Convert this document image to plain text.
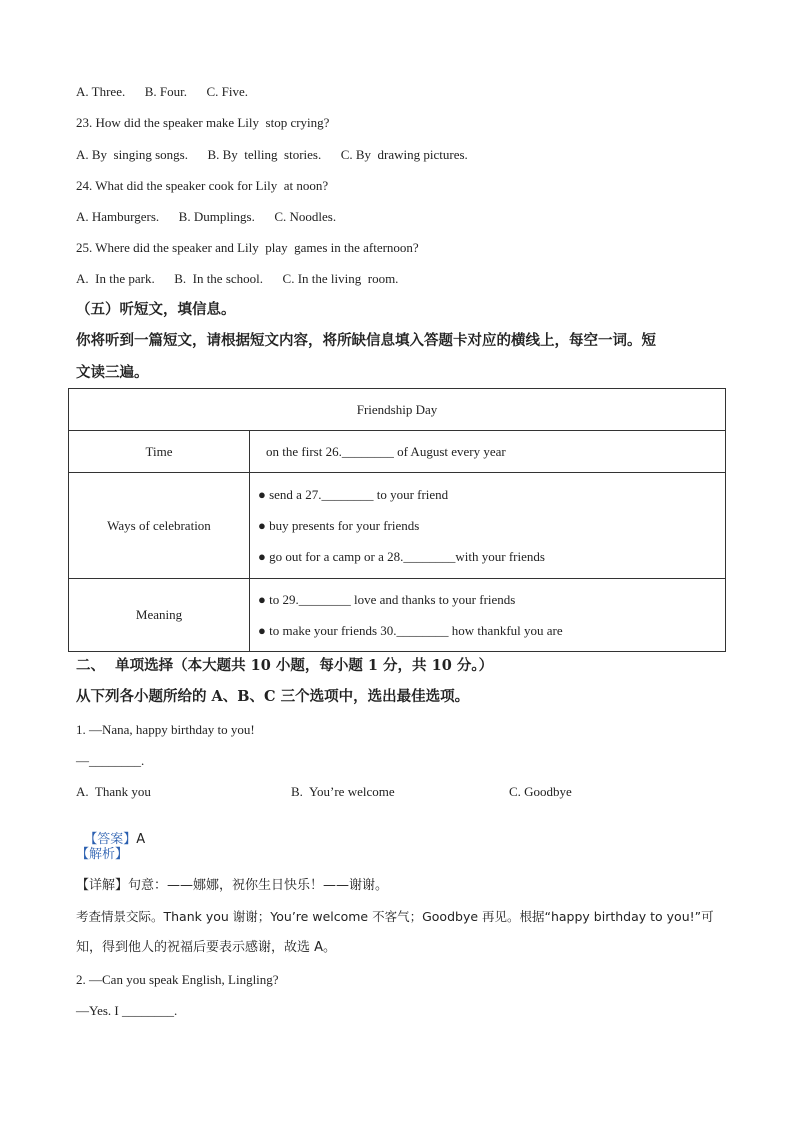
A. Three.      B. Four.      C. Five.
23. How did the speaker make Lily  stop crying?
A. By  singing songs.      B. By  telling  stories.      C. By  drawing pictures.
24. What did the speaker cook for Lily  at noon?
A. Hamburgers.      B. Dumplings.      C. Noodles.
25. Where did the speaker and Lily  play  games in the afternoon?
A.  In the park.      B.  In the school.      C. In the living  room.
（五）听短文，填信息。
你将听到一篇短文，请根据短文内容，将所缺信息填入答题卡对应的横线上，每空一词。短
文读三遍。
Friendship Day	
Time	on the first 26.________ of August every year

Ways of celebration	● send a 27.________ to your friend
● buy presents for your friends
● go out for a camp or a 28.________with your friends

Meaning	● to 29.________ love and thanks to your friends
● to make your friends 30.________ how thankful you are
二、  单项选择（本大题共 10 小题，每小题 1 分，共 10 分。）
从下列各小题所给的 A、B、C 三个选项中，选出最佳选项。
1. —Nana, happy birthday to you!
—________.
A.  Thank you	B.  You’re welcome	C. Goodbye

【答案】A

【解析】
【详解】句意：——娜娜，祝你生日快乐！——谢谢。
考查情景交际。Thank you 谢谢；You’re welcome 不客气；Goodbye 再见。根据“happy birthday to you!”可
知，得到他人的祝福后要表示感谢，故选 A。
2. —Can you speak English, Lingling?
—Yes. I ________.
